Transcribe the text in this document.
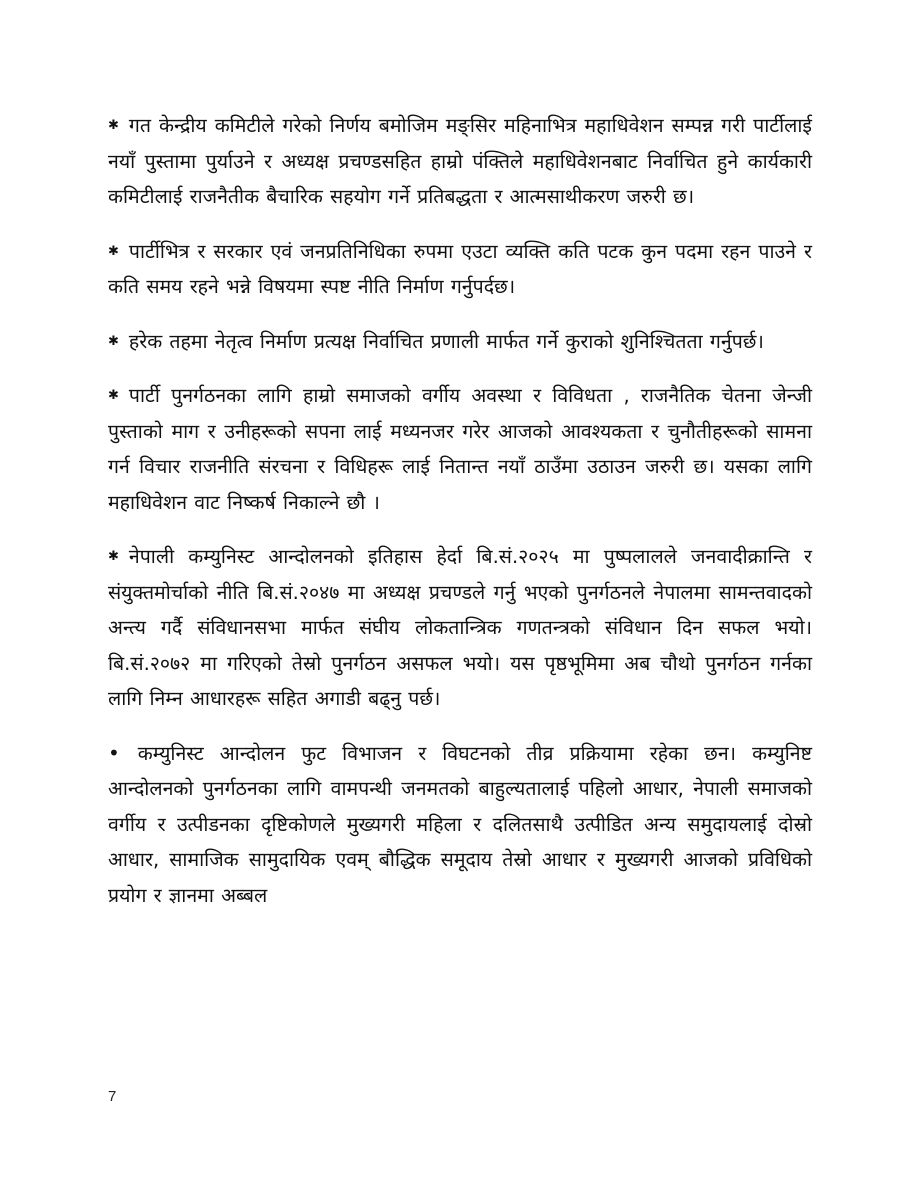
✱ गत केन्द्रीय कमिटीले गरेको निर्णय बमोजिम मङ्सिर महिनाभित्र महाधिवेशन सम्पन्न गरी पार्टीलाई नयाँ पुस्तामा पुर्याउने र अध्यक्ष प्रचण्डसहित हाम्रो पंक्तिले महाधिवेशनबाट निर्वाचित हुने कार्यकारी कमिटीलाई राजनैतीक बैचारिक सहयोग गर्ने प्रतिबद्धता र आत्मसाथीकरण जरुरी छ।

✱ पार्टीभित्र र सरकार एवं जनप्रतिनिधिका रुपमा एउटा व्यक्ति कति पटक कुन पदमा रहन पाउने र कति समय रहने भन्ने विषयमा स्पष्ट नीति निर्माण गर्नुपर्दछ।

✱ हरेक तहमा नेतृत्व निर्माण प्रत्यक्ष निर्वाचित प्रणाली मार्फत गर्ने कुराको शुनिश्चितता गर्नुपर्छ।

✱ पार्टी पुनर्गठनका लागि हाम्रो समाजको वर्गीय अवस्था र विविधता , राजनैतिक चेतना जेन्जी पुस्ताको माग र उनीहरूको सपना लाई मध्यनजर गरेर आजको आवश्यकता र चुनौतीहरूको सामना गर्न विचार राजनीति संरचना र विधिहरू लाई नितान्त नयाँ ठाउँमा उठाउन जरुरी छ। यसका लागि महाधिवेशन वाट निष्कर्ष निकाल्ने छौ ।

✱ नेपाली कम्युनिस्ट आन्दोलनको इतिहास हेर्दा बि.सं.२०२५ मा पुष्पलालले जनवादीक्रान्ति र संयुक्तमोर्चाको नीति बि.सं.२०४७ मा अध्यक्ष प्रचण्डले गर्नु भएको पुनर्गठनले नेपालमा सामन्तवादको अन्त्य गर्दै संविधानसभा मार्फत संघीय लोकतान्त्रिक गणतन्त्रको संविधान दिन सफल भयो। बि.सं.२०७२ मा गरिएको तेस्रो पुनर्गठन असफल भयो। यस पृष्ठभूमिमा अब चौथो पुनर्गठन गर्नका लागि निम्न आधारहरू सहित अगाडी बढ्नु पर्छ।

• कम्युनिस्ट आन्दोलन फुट विभाजन र विघटनको तीव्र प्रक्रियामा रहेका छन। कम्युनिष्ट आन्दोलनको पुनर्गठनका लागि वामपन्थी जनमतको बाहुल्यतालाई पहिलो आधार, नेपाली समाजको वर्गीय र उत्पीडनका दृष्टिकोणले मुख्यगरी महिला र दलितसाथै उत्पीडित अन्य समुदायलाई दोस्रो आधार, सामाजिक सामुदायिक एवम् बौद्धिक समूदाय तेस्रो आधार र मुख्यगरी आजको प्रविधिको प्रयोग र ज्ञानमा अब्बल

7
